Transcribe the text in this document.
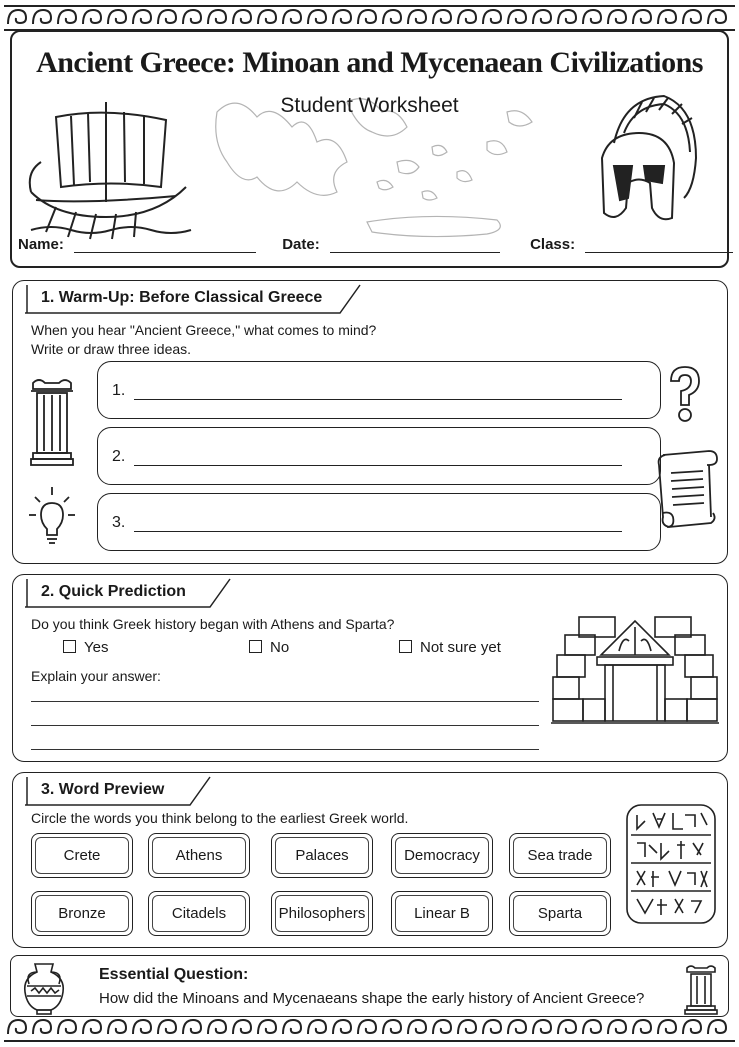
Ancient Greece: Minoan and Mycenaean Civilizations
Student Worksheet
Name:	Date:	Class:
1. Warm-Up: Before Classical Greece
When you hear "Ancient Greece," what comes to mind?
Write or draw three ideas.
1.
2.
3.
2. Quick Prediction
Do you think Greek history began with Athens and Sparta?
Yes	No	Not sure yet
Explain your answer:
3. Word Preview
Circle the words you think belong to the earliest Greek world.
Crete	Athens	Palaces	Democracy	Sea trade
Bronze	Citadels	Philosophers	Linear B	Sparta
Essential Question:
How did the Minoans and Mycenaeans shape the early history of Ancient Greece?
